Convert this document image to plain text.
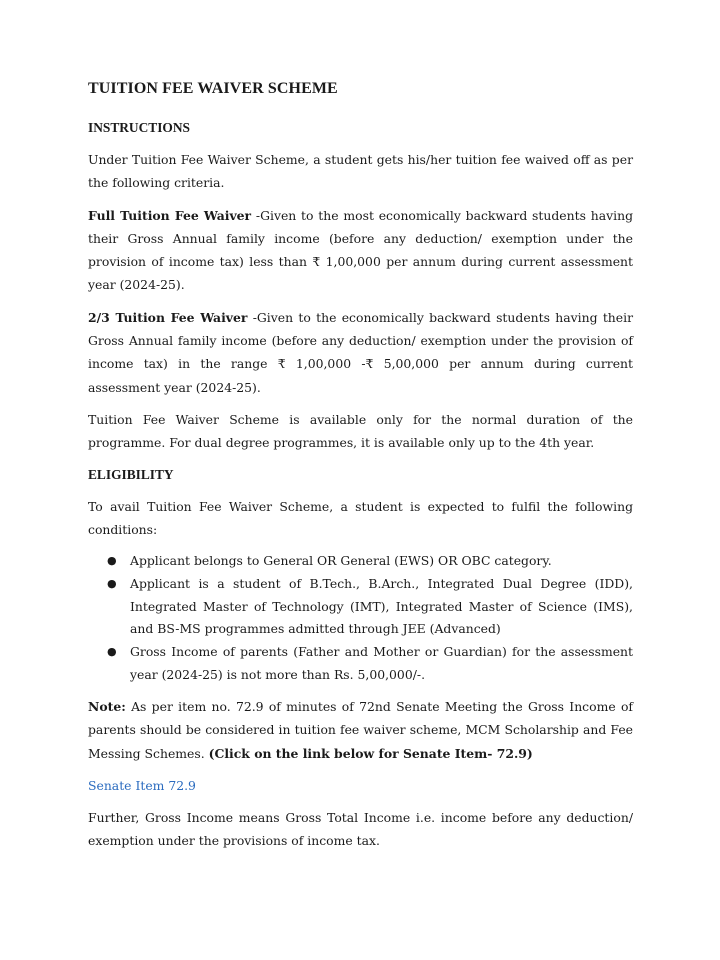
TUITION FEE WAIVER SCHEME
INSTRUCTIONS

Under Tuition Fee Waiver Scheme, a student gets his/her tuition fee waived off as per the following criteria.

Full Tuition Fee Waiver -Given to the most economically backward students having their Gross Annual family income (before any deduction/ exemption under the provision of income tax) less than ₹ 1,00,000 per annum during current assessment year (2024-25).

2/3 Tuition Fee Waiver -Given to the economically backward students having their Gross Annual family income (before any deduction/ exemption under the provision of income tax) in the range ₹ 1,00,000 -₹ 5,00,000 per annum during current assessment year (2024-25).

Tuition Fee Waiver Scheme is available only for the normal duration of the programme. For dual degree programmes, it is available only up to the 4th year.

ELIGIBILITY

To avail Tuition Fee Waiver Scheme, a student is expected to fulfil the following conditions:

● Applicant belongs to General OR General (EWS) OR OBC category.
● Applicant is a student of B.Tech., B.Arch., Integrated Dual Degree (IDD), Integrated Master of Technology (IMT), Integrated Master of Science (IMS), and BS-MS programmes admitted through JEE (Advanced)
● Gross Income of parents (Father and Mother or Guardian) for the assessment year (2024-25) is not more than Rs. 5,00,000/-.

Note: As per item no. 72.9 of minutes of 72nd Senate Meeting the Gross Income of parents should be considered in tuition fee waiver scheme, MCM Scholarship and Fee Messing Schemes. (Click on the link below for Senate Item- 72.9)

Senate Item 72.9

Further, Gross Income means Gross Total Income i.e. income before any deduction/ exemption under the provisions of income tax.
